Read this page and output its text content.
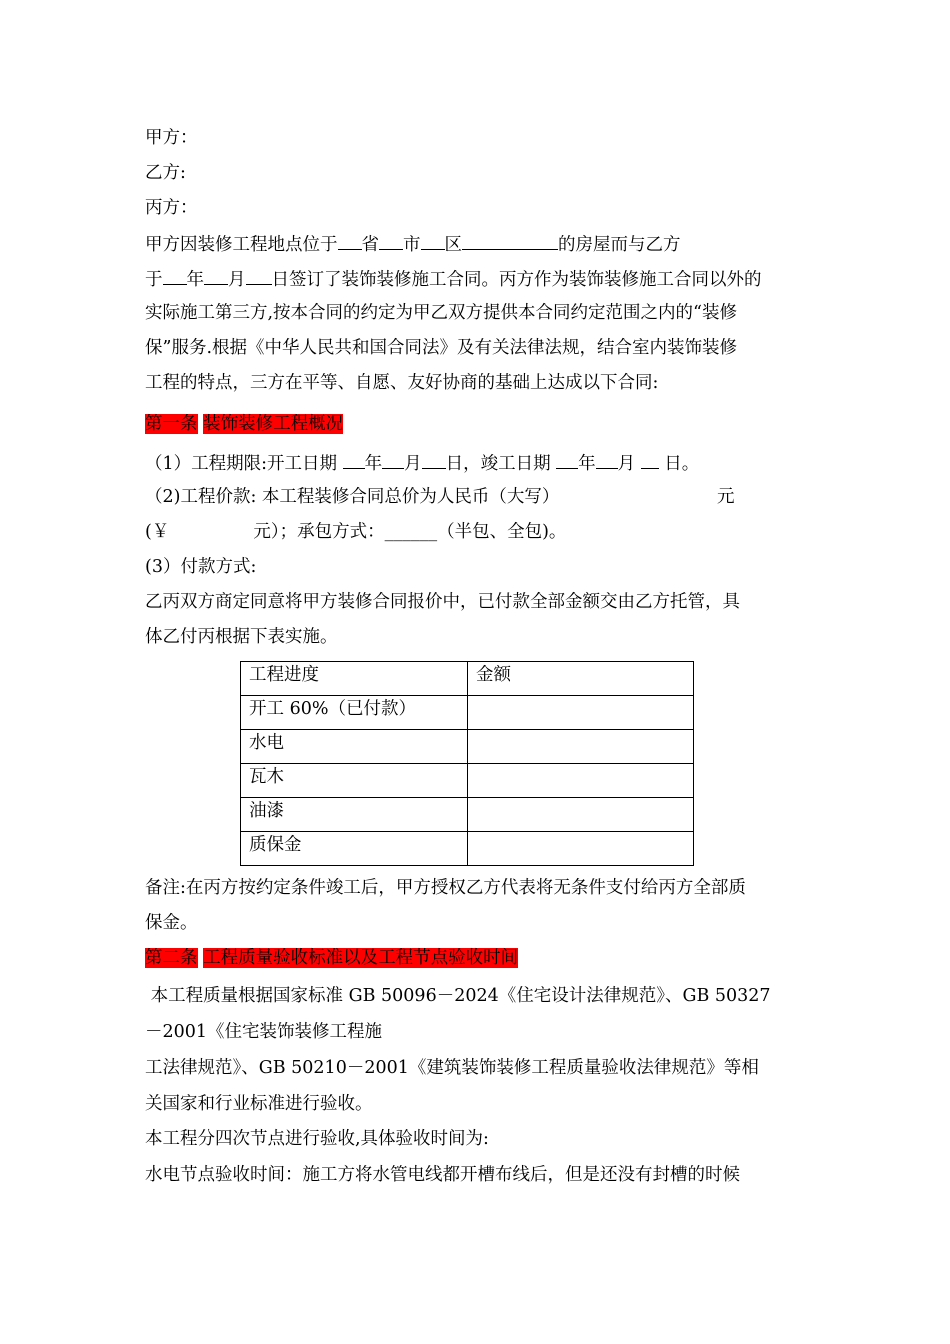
甲方：
乙方:
丙方：
甲方因装修工程地点位于 省 市 区	的房屋而与乙方
于 年 月 日签订了装饰装修施工合同。丙方作为装饰装修施工合同以外的
实际施工第三方,按本合同的约定为甲乙双方提供本合同约定范围之内的“装修
保”服务.根据《中华人民共和国合同法》及有关法律法规，结合室内装饰装修
工程的特点，三方在平等、自愿、友好协商的基础上达成以下合同:
第一条 装饰装修工程概况
（1）工程期限:开工日期 年 月 日，竣工日期 年 月  日。
（2)工程价款: 本工程装修合同总价为人民币（大写）	元
(￥	元）；承包方式：______（半包、全包)。
(3）付款方式:
乙丙双方商定同意将甲方装修合同报价中，已付款全部金额交由乙方托管，具
体乙付丙根据下表实施。
工程进度	金额
开工 60%（已付款）	
水电	
瓦木	
油漆	
质保金	
备注:在丙方按约定条件竣工后，甲方授权乙方代表将无条件支付给丙方全部质
保金。
第二条 工程质量验收标准以及工程节点验收时间
本工程质量根据国家标准 GB 50096－2024《住宅设计法律规范》、GB 50327
－2001《住宅装饰装修工程施
工法律规范》、GB 50210－2001《建筑装饰装修工程质量验收法律规范》等相
关国家和行业标准进行验收。
本工程分四次节点进行验收,具体验收时间为:
水电节点验收时间：施工方将水管电线都开槽布线后，但是还没有封槽的时候
